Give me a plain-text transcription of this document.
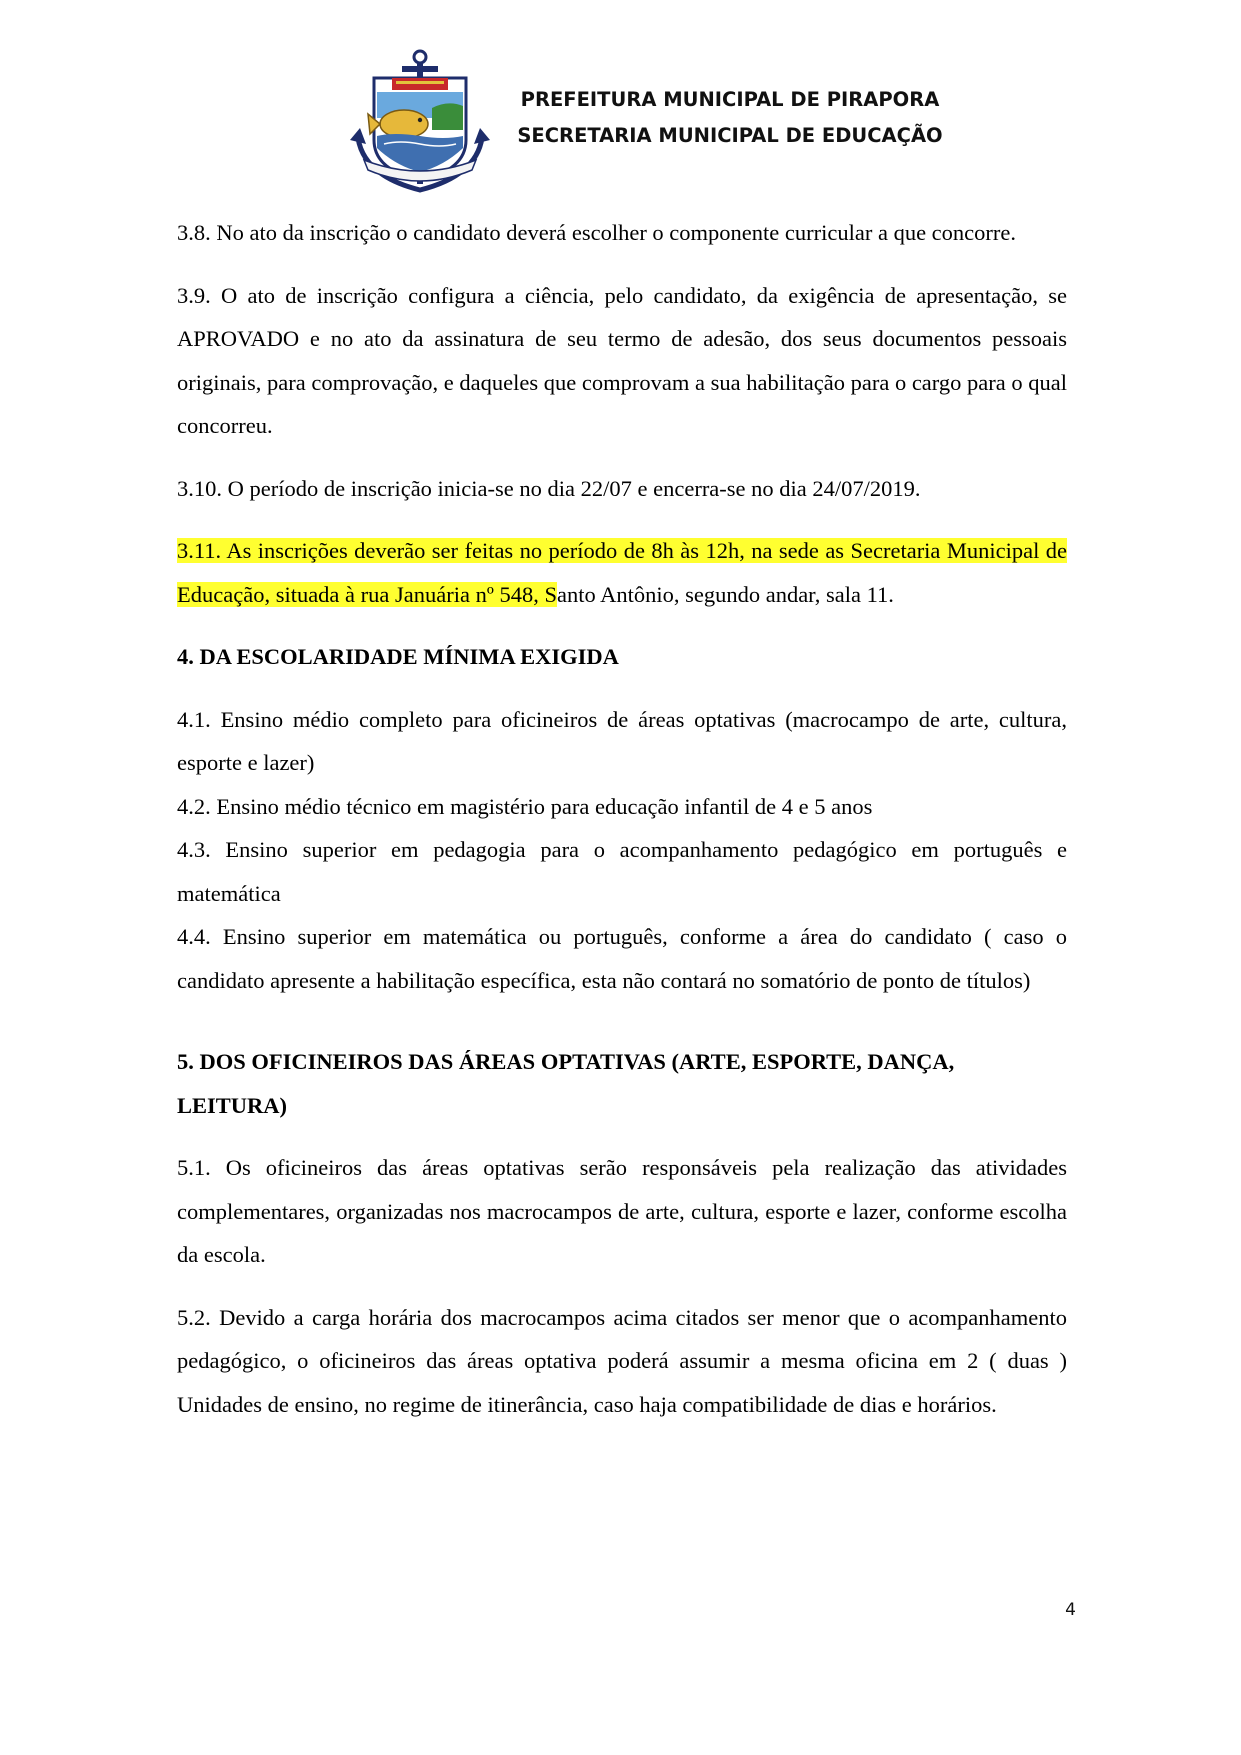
PREFEITURA MUNICIPAL DE PIRAPORA
SECRETARIA MUNICIPAL DE EDUCAÇÃO

3.8. No ato da inscrição o candidato deverá escolher o componente curricular a que concorre.

3.9. O ato de inscrição configura a ciência, pelo candidato, da exigência de apresentação, se APROVADO e no ato da assinatura de seu termo de adesão, dos seus documentos pessoais originais, para comprovação, e daqueles que comprovam a sua habilitação para o cargo para o qual concorreu.

3.10. O período de inscrição inicia-se no dia 22/07 e encerra-se no dia 24/07/2019.

3.11. As inscrições deverão ser feitas no período de 8h às 12h, na sede as Secretaria Municipal de Educação, situada à rua Januária nº 548, Santo Antônio, segundo andar, sala 11.

4. DA ESCOLARIDADE MÍNIMA EXIGIDA

4.1. Ensino médio completo para oficineiros de áreas optativas (macrocampo de arte, cultura, esporte e lazer)

4.2. Ensino médio técnico em magistério para educação infantil de 4 e 5 anos

4.3. Ensino superior em pedagogia para o acompanhamento pedagógico em português e matemática

4.4. Ensino superior em matemática ou português, conforme a área do candidato ( caso o candidato apresente a habilitação específica, esta não contará no somatório de ponto de títulos)

5. DOS OFICINEIROS DAS ÁREAS OPTATIVAS (ARTE, ESPORTE, DANÇA, LEITURA)

5.1. Os oficineiros das áreas optativas serão responsáveis pela realização das atividades complementares, organizadas nos macrocampos de arte, cultura, esporte e lazer, conforme escolha da escola.

5.2. Devido a carga horária dos macrocampos acima citados ser menor que o acompanhamento pedagógico, o oficineiros das áreas optativa poderá assumir a mesma oficina em 2 ( duas ) Unidades de ensino, no regime de itinerância, caso haja compatibilidade de dias e horários.

4
